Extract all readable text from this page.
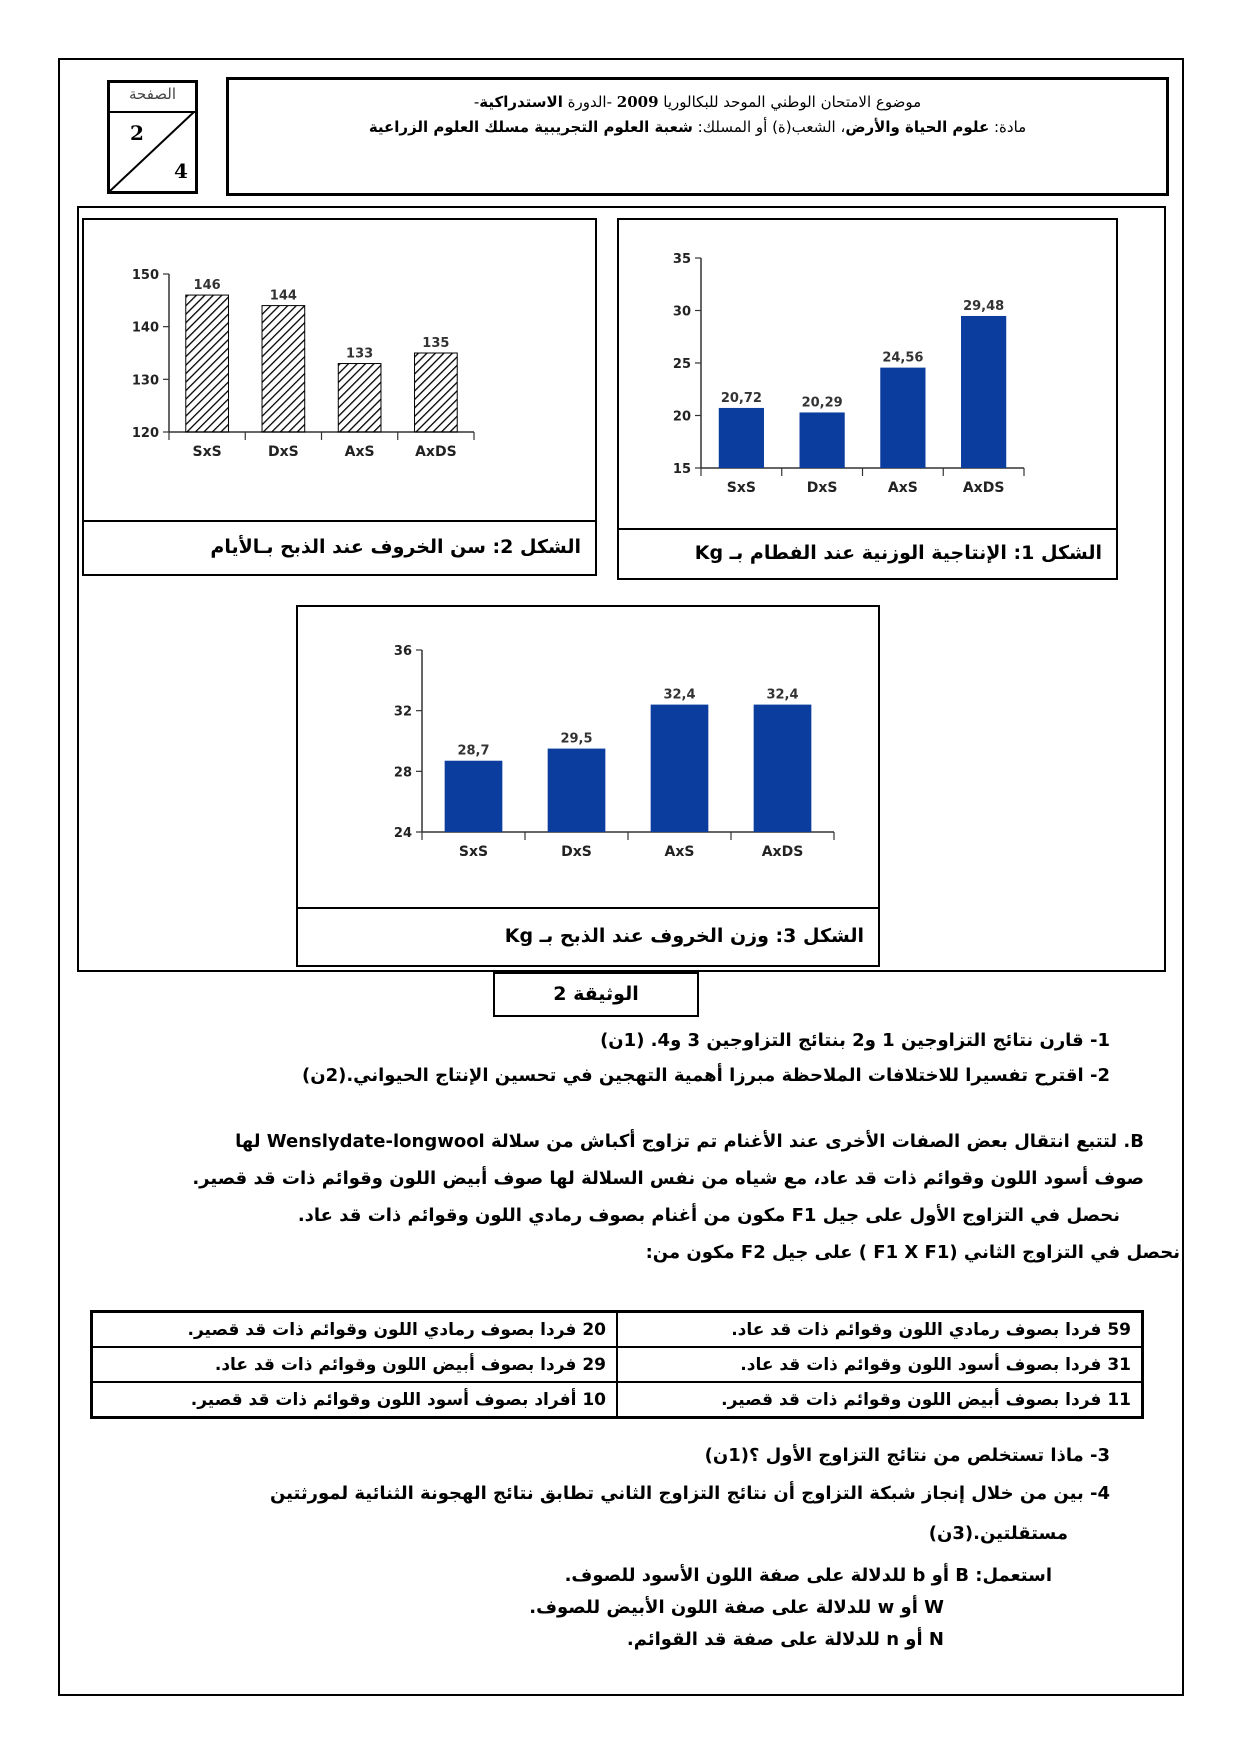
الصفحة
2
4
موضوع الامتحان الوطني الموحد للبكالوريا 2009 -الدورة الاستدراكية-
مادة: علوم الحياة والأرض، الشعب(ة) أو المسلك: شعبة العلوم التجريبية مسلك العلوم الزراعية
120
130
140
150
146
SxS
144
DxS
133
AxS
135
AxDS
الشكل 2: سن الخروف عند الذبح بـالأيام
15
20
25
30
35
20,72
SxS
20,29
DxS
24,56
AxS
29,48
AxDS
الشكل 1: الإنتاجية الوزنية عند الفطام بـ Kg
24
28
32
36
28,7
SxS
29,5
DxS
32,4
AxS
32,4
AxDS
الشكل 3: وزن الخروف عند الذبح بـ Kg
الوثيقة 2
1- قارن نتائج التزاوجين 1 و2 بنتائج التزاوجين 3 و4. (1ن)
2- اقترح تفسيرا للاختلافات الملاحظة مبرزا أهمية التهجين في تحسين الإنتاج الحيواني.(2ن)
B. لتتبع انتقال بعض الصفات الأخرى عند الأغنام تم تزاوج أكباش من سلالة Wenslydate-longwool لها
صوف أسود اللون وقوائم ذات قد عاد، مع شياه من نفس السلالة لها صوف أبيض اللون وقوائم ذات قد قصير.
نحصل في التزاوج الأول على جيل F1 مكون من أغنام بصوف رمادي اللون وقوائم ذات قد عاد.
نحصل في التزاوج الثاني (F1 X F1 ) على جيل F2 مكون من:
59 فردا بصوف رمادي اللون وقوائم ذات قد عاد.	20 فردا بصوف رمادي اللون وقوائم ذات قد قصير.
31 فردا بصوف أسود اللون وقوائم ذات قد عاد.	29 فردا بصوف أبيض اللون وقوائم ذات قد عاد.
11 فردا بصوف أبيض اللون وقوائم ذات قد قصير.	10 أفراد بصوف أسود اللون وقوائم ذات قد قصير.
3- ماذا تستخلص من نتائج التزاوج الأول ؟(1ن)
4- بين من خلال إنجاز شبكة التزاوج أن نتائج التزاوج الثاني تطابق نتائج الهجونة الثنائية لمورثتين
مستقلتين.(3ن)
استعمل: B أو b للدلالة على صفة اللون الأسود للصوف.
W أو w للدلالة على صفة اللون الأبيض للصوف.
N أو n للدلالة على صفة قد القوائم.
